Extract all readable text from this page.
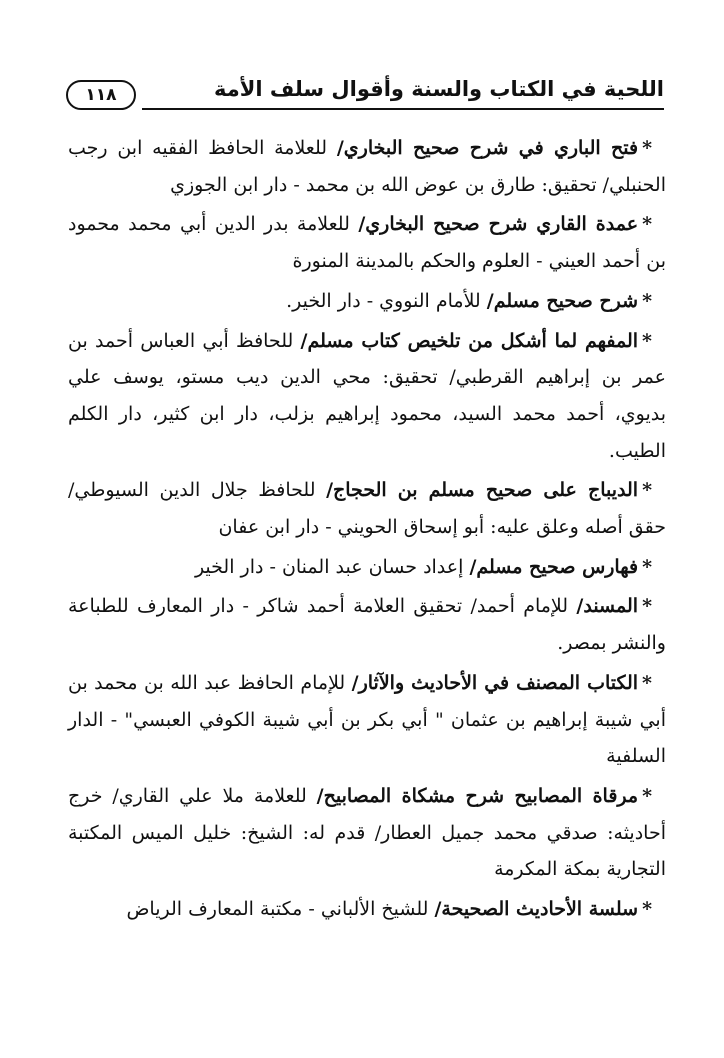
اللحية في الكتاب والسنة وأقوال سلف الأمة
١١٨

*فتح الباري في شرح صحيح البخاري/ للعلامة الحافظ الفقيه ابن رجب الحنبلي/ تحقيق: طارق بن عوض الله بن محمد - دار ابن الجوزي

*عمدة القاري شرح صحيح البخاري/ للعلامة بدر الدين أبي محمد محمود بن أحمد العيني - العلوم والحكم بالمدينة المنورة

*شرح صحيح مسلم/ للأمام النووي - دار الخير.

*المفهم لما أشكل من تلخيص كتاب مسلم/ للحافظ أبي العباس أحمد بن عمر بن إبراهيم القرطبي/ تحقيق: محي الدين ديب مستو، يوسف علي بديوي، أحمد محمد السيد، محمود إبراهيم بزلب، دار ابن كثير، دار الكلم الطيب.

*الديباج على صحيح مسلم بن الحجاج/ للحافظ جلال الدين السيوطي/ حقق أصله وعلق عليه: أبو إسحاق الحويني - دار ابن عفان

*فهارس صحيح مسلم/ إعداد حسان عبد المنان - دار الخير

*المسند/ للإمام أحمد/ تحقيق العلامة أحمد شاكر - دار المعارف للطباعة والنشر بمصر.

*الكتاب المصنف في الأحاديث والآثار/ للإمام الحافظ عبد الله بن محمد بن أبي شيبة إبراهيم بن عثمان " أبي بكر بن أبي شيبة الكوفي العبسي" - الدار السلفية

*مرقاة المصابيح شرح مشكاة المصابيح/ للعلامة ملا علي القاري/ خرج أحاديثه: صدقي محمد جميل العطار/ قدم له: الشيخ: خليل الميس المكتبة التجارية بمكة المكرمة

*سلسة الأحاديث الصحيحة/ للشيخ الألباني - مكتبة المعارف الرياض
